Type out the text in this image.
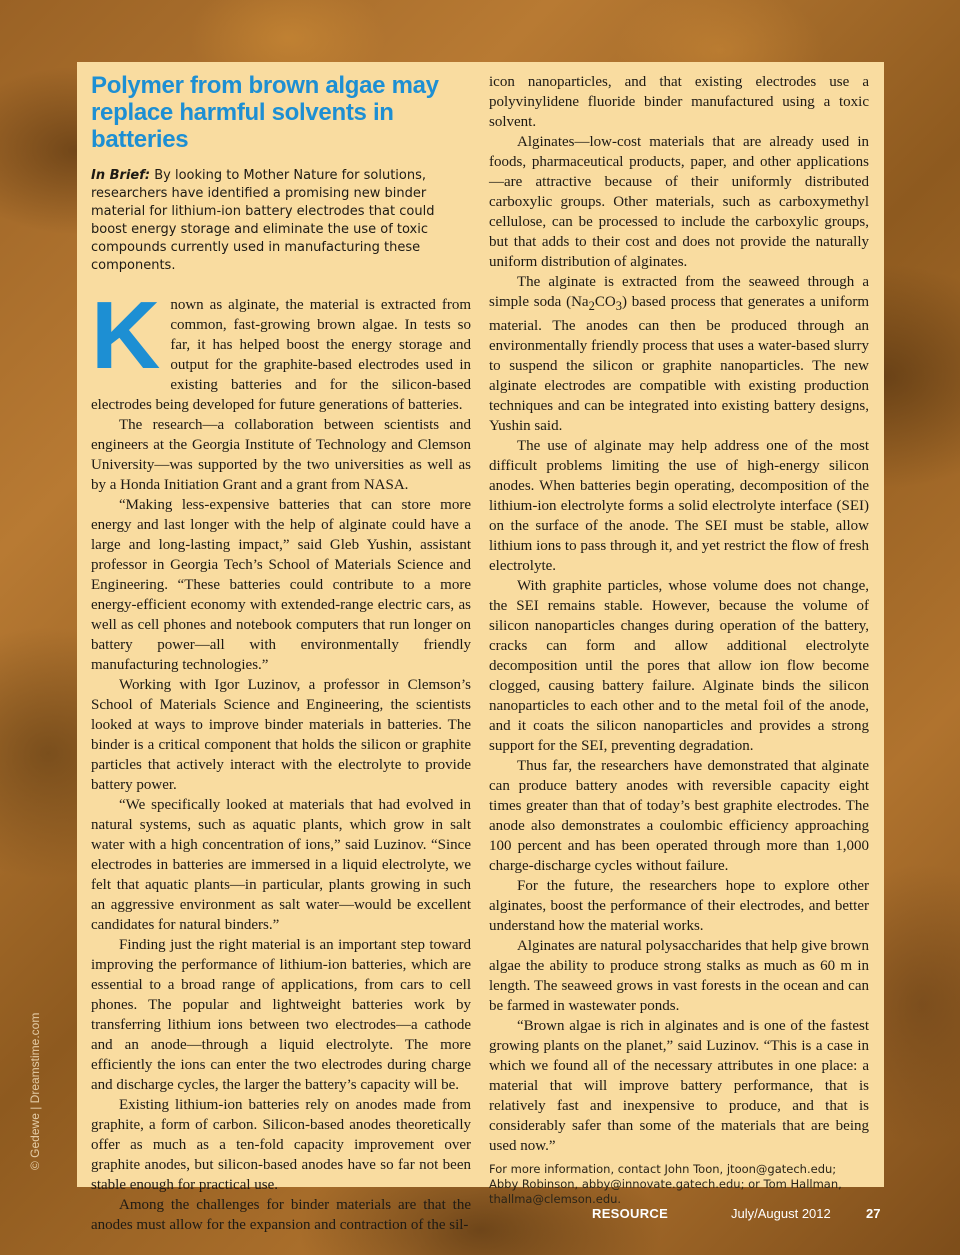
Polymer from brown algae may replace harmful solvents in batteries

In Brief: By looking to Mother Nature for solutions, researchers have identified a promising new binder material for lithium-ion battery electrodes that could boost energy storage and eliminate the use of toxic compounds currently used in manufacturing these components.

Known as alginate, the material is extracted from common, fast-growing brown algae. In tests so far, it has helped boost the energy storage and output for the graphite-based electrodes used in existing batteries and for the silicon-based electrodes being developed for future generations of batteries.

The research—a collaboration between scientists and engineers at the Georgia Institute of Technology and Clemson University—was supported by the two universities as well as by a Honda Initiation Grant and a grant from NASA.

“Making less-expensive batteries that can store more energy and last longer with the help of alginate could have a large and long-lasting impact,” said Gleb Yushin, assistant professor in Georgia Tech’s School of Materials Science and Engineering. “These batteries could contribute to a more energy-efficient economy with extended-range electric cars, as well as cell phones and notebook computers that run longer on battery power—all with environmentally friendly manufacturing technologies.”

Working with Igor Luzinov, a professor in Clemson’s School of Materials Science and Engineering, the scientists looked at ways to improve binder materials in batteries. The binder is a critical component that holds the silicon or graphite particles that actively interact with the electrolyte to provide battery power.

“We specifically looked at materials that had evolved in natural systems, such as aquatic plants, which grow in salt water with a high concentration of ions,” said Luzinov. “Since electrodes in batteries are immersed in a liquid electrolyte, we felt that aquatic plants—in particular, plants growing in such an aggressive environment as salt water—would be excellent candidates for natural binders.”

Finding just the right material is an important step toward improving the performance of lithium-ion batteries, which are essential to a broad range of applications, from cars to cell phones. The popular and lightweight batteries work by transferring lithium ions between two electrodes—a cathode and an anode—through a liquid electrolyte. The more efficiently the ions can enter the two electrodes during charge and discharge cycles, the larger the battery’s capacity will be.

Existing lithium-ion batteries rely on anodes made from graphite, a form of carbon. Silicon-based anodes theoretically offer as much as a ten-fold capacity improvement over graphite anodes, but silicon-based anodes have so far not been stable enough for practical use.

Among the challenges for binder materials are that the anodes must allow for the expansion and contraction of the sil-

icon nanoparticles, and that existing electrodes use a polyvinylidene fluoride binder manufactured using a toxic solvent.

Alginates—low-cost materials that are already used in foods, pharmaceutical products, paper, and other applications—are attractive because of their uniformly distributed carboxylic groups. Other materials, such as carboxymethyl cellulose, can be processed to include the carboxylic groups, but that adds to their cost and does not provide the naturally uniform distribution of alginates.

The alginate is extracted from the seaweed through a simple soda $(Na_2CO_3)$ based process that generates a uniform material. The anodes can then be produced through an environmentally friendly process that uses a water-based slurry to suspend the silicon or graphite nanoparticles. The new alginate electrodes are compatible with existing production techniques and can be integrated into existing battery designs, Yushin said.

The use of alginate may help address one of the most difficult problems limiting the use of high-energy silicon anodes. When batteries begin operating, decomposition of the lithium-ion electrolyte forms a solid electrolyte interface (SEI) on the surface of the anode. The SEI must be stable, allow lithium ions to pass through it, and yet restrict the flow of fresh electrolyte.

With graphite particles, whose volume does not change, the SEI remains stable. However, because the volume of silicon nanoparticles changes during operation of the battery, cracks can form and allow additional electrolyte decomposition until the pores that allow ion flow become clogged, causing battery failure. Alginate binds the silicon nanoparticles to each other and to the metal foil of the anode, and it coats the silicon nanoparticles and provides a strong support for the SEI, preventing degradation.

Thus far, the researchers have demonstrated that alginate can produce battery anodes with reversible capacity eight times greater than that of today’s best graphite electrodes. The anode also demonstrates a coulombic efficiency approaching 100 percent and has been operated through more than 1,000 charge-discharge cycles without failure.

For the future, the researchers hope to explore other alginates, boost the performance of their electrodes, and better understand how the material works.

Alginates are natural polysaccharides that help give brown algae the ability to produce strong stalks as much as 60 m in length. The seaweed grows in vast forests in the ocean and can be farmed in wastewater ponds.

“Brown algae is rich in alginates and is one of the fastest growing plants on the planet,” said Luzinov. “This is a case in which we found all of the necessary attributes in one place: a material that will improve battery performance, that is relatively fast and inexpensive to produce, and that is considerably safer than some of the materials that are being used now.”

For more information, contact John Toon, jtoon@gatech.edu; Abby Robinson, abby@innovate.gatech.edu; or Tom Hallman, thallma@clemson.edu.

RESOURCE	July/August 2012	27
© Gedewe | Dreamstime.com
